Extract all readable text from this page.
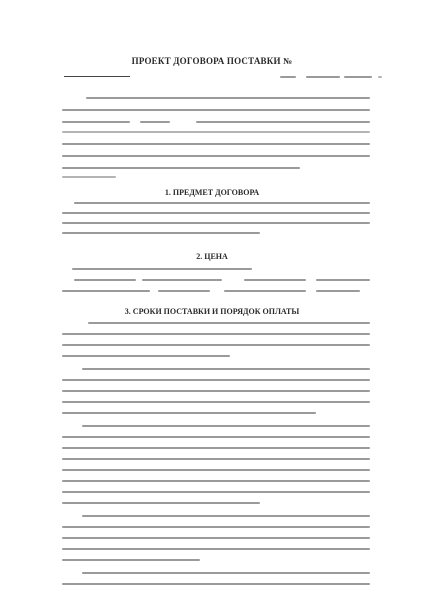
ПРОЕКТ ДОГОВОРА ПОСТАВКИ №
1. ПРЕДМЕТ ДОГОВОРА
2. ЦЕНА
3. СРОКИ ПОСТАВКИ И ПОРЯДОК ОПЛАТЫ
